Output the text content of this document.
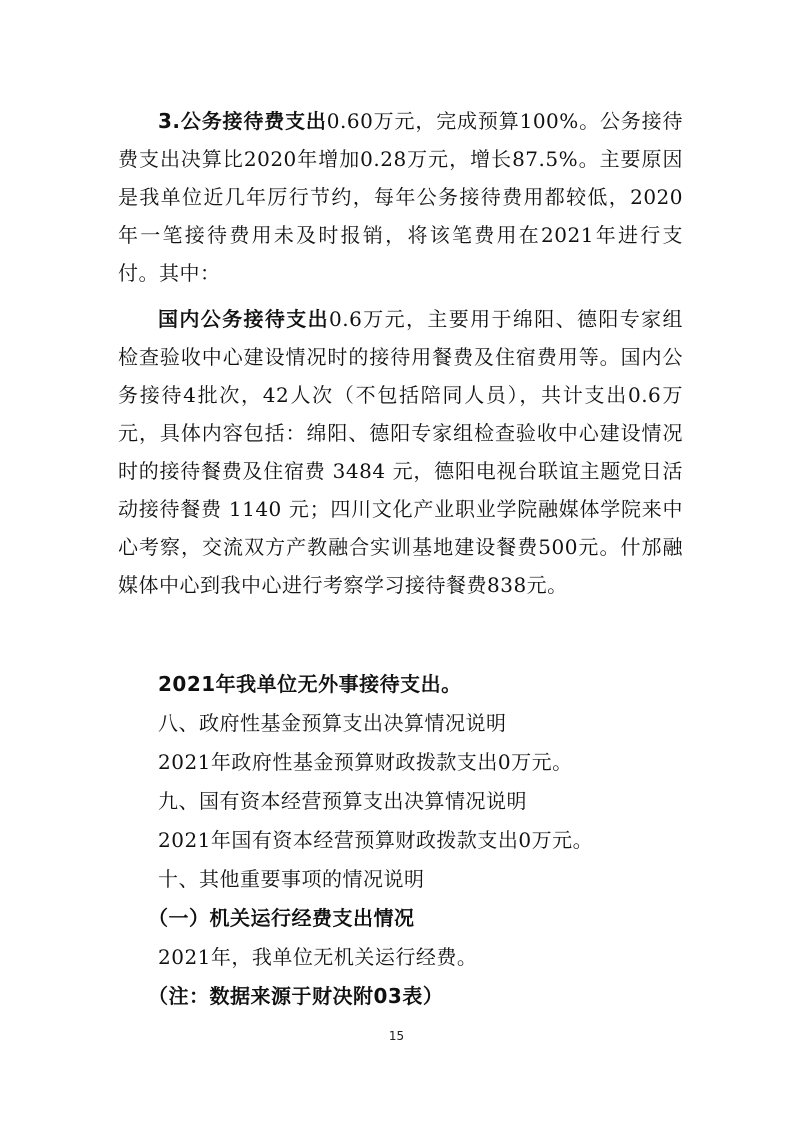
3.公务接待费支出0.60万元，完成预算100%。公务接待费支出决算比2020年增加0.28万元，增长87.5%。主要原因是我单位近几年厉行节约，每年公务接待费用都较低，2020年一笔接待费用未及时报销，将该笔费用在2021年进行支付。其中：

国内公务接待支出0.6万元，主要用于绵阳、德阳专家组检查验收中心建设情况时的接待用餐费及住宿费用等。国内公务接待4批次，42人次（不包括陪同人员），共计支出0.6万元，具体内容包括：绵阳、德阳专家组检查验收中心建设情况时的接待餐费及住宿费 3484 元，德阳电视台联谊主题党日活动接待餐费 1140 元；四川文化产业职业学院融媒体学院来中心考察，交流双方产教融合实训基地建设餐费500元。什邡融媒体中心到我中心进行考察学习接待餐费838元。

2021年我单位无外事接待支出。

八、政府性基金预算支出决算情况说明

2021年政府性基金预算财政拨款支出0万元。

九、国有资本经营预算支出决算情况说明

2021年国有资本经营预算财政拨款支出0万元。

十、其他重要事项的情况说明

（一）机关运行经费支出情况

2021年，我单位无机关运行经费。

（注：数据来源于财决附03表）

15
